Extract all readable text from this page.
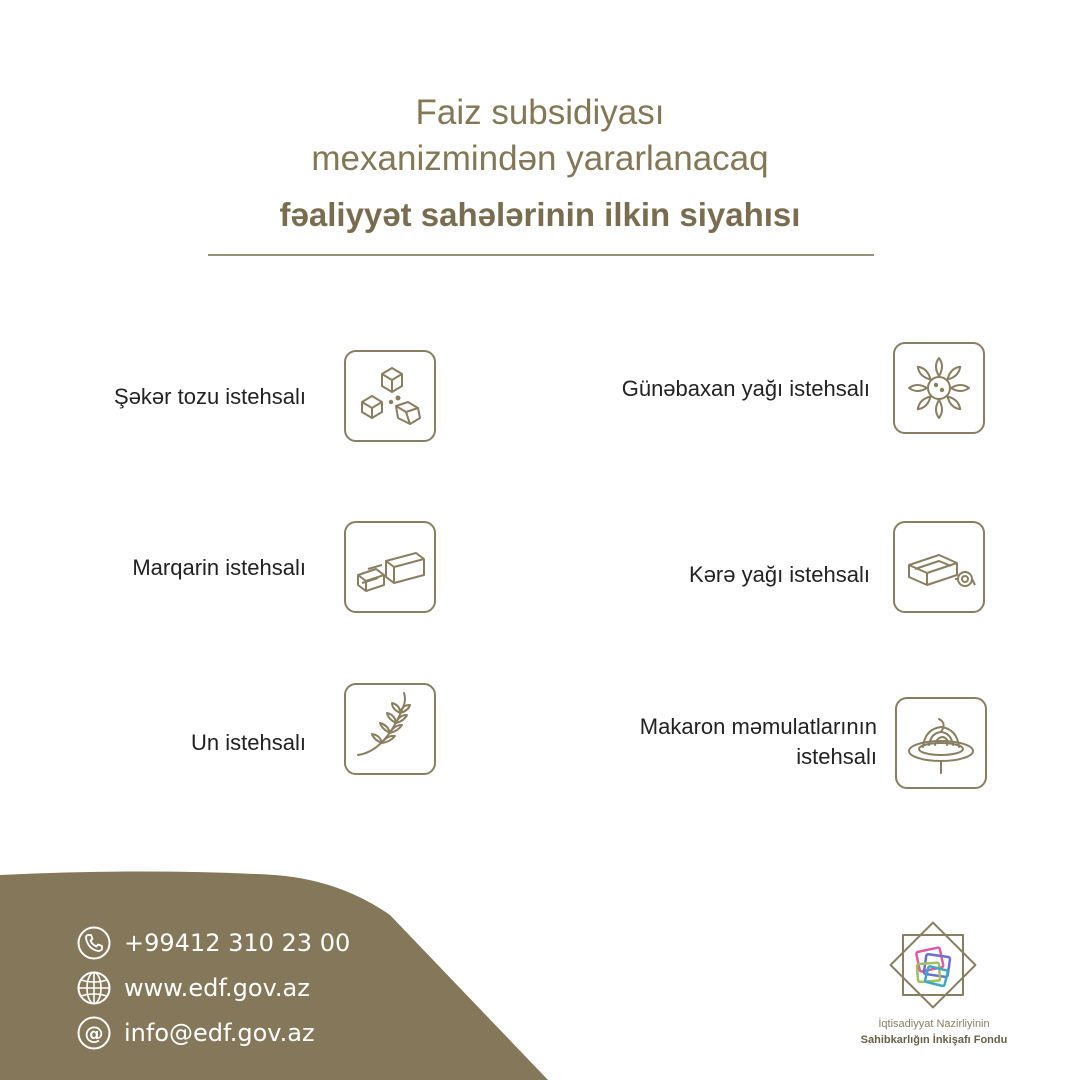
Faiz subsidiyası

mexanizmindən yararlanacaq

fəaliyyət sahələrinin ilkin siyahısı

Şəkər tozu istehsalı	Günəbaxan yağı istehsalı

Marqarin istehsalı	Kərə yağı istehsalı

Un istehsalı

Makaron məmulatlarının

istehsalı

+99412 310 23 00
www.edf.gov.az
@ info@edf.gov.az	İqtisadiyyat Nazirliyinin

Sahibkarlığın İnkişafı Fondu
